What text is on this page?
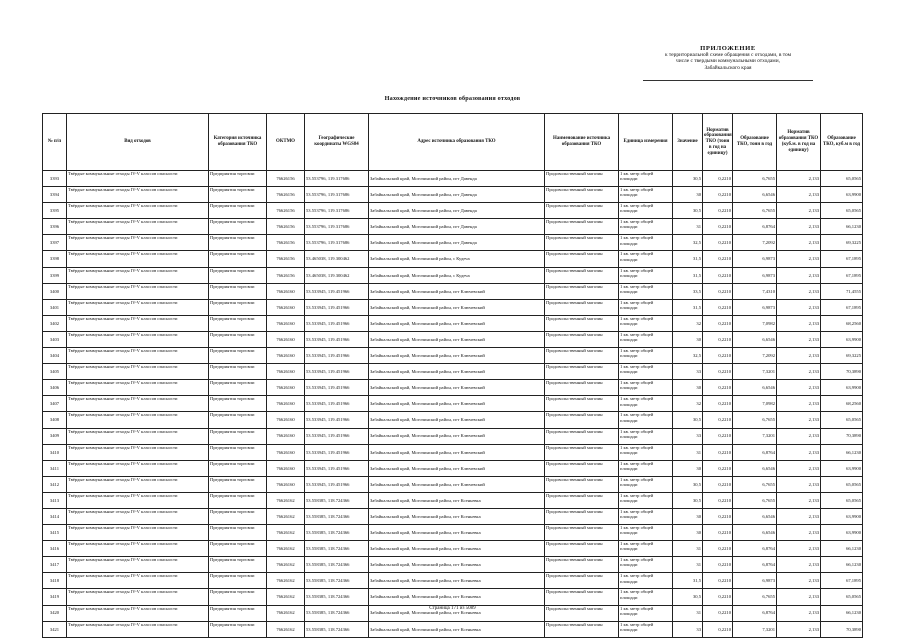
ПРИЛОЖЕНИЕ
к территориальной схеме обращения с отходами, в том
числе с твердыми коммунальными отходами,
Забайкальского края
Нахождение источников образования отходов
№ п/п	Вид отходов	Категория источника образования ТКО	ОКТМО	Географические координаты WGS84	Адрес источника образования ТКО	Наименование источника образования ТКО	Единица измерения	Значение	Норматив образования ТКО (тонн в год на единицу)	Образование ТКО, тонн в год	Норматив образования ТКО (куб.м. в год на единицу)	Образование ТКО, куб.м в год
3393	Твёрдые коммунальные отходы IV-V классов опасности	Предприятия торговли	76626156	53.553796, 119.317686	Забайкальский край, Могочинский район, пгт Давенда	Продовольственный магазин	1 кв. метр общей площади	30,5	0,2210	6,7655	2,133	65,0565
3394	Твёрдые коммунальные отходы IV-V классов опасности	Предприятия торговли	76626156	53.553796, 119.317686	Забайкальский край, Могочинский район, пгт Давенда	Продовольственный магазин	1 кв. метр общей площади	30	0,2210	6,6546	2,133	63,9900
3395	Твёрдые коммунальные отходы IV-V классов опасности	Предприятия торговли	76626156	53.553796, 119.317686	Забайкальский край, Могочинский район, пгт Давенда	Продовольственный магазин	1 кв. метр общей площади	30,5	0,2210	6,7655	2,133	65,0565
3396	Твёрдые коммунальные отходы IV-V классов опасности	Предприятия торговли	76626156	53.553796, 119.317686	Забайкальский край, Могочинский район, пгт Давенда	Продовольственный магазин	1 кв. метр общей площади	31	0,2210	6,8764	2,133	66,1230
3397	Твёрдые коммунальные отходы IV-V классов опасности	Предприятия торговли	76626156	53.553796, 119.317686	Забайкальский край, Могочинский район, пгт Давенда	Продовольственный магазин	1 кв. метр общей площади	32,5	0,2210	7,2092	2,133	69,3225
3398	Твёрдые коммунальные отходы IV-V классов опасности	Предприятия торговли	76626156	53.465038, 119.300462	Забайкальский край, Могочинский район, с Кудеча	Продовольственный магазин	1 кв. метр общей площади	31,5	0,2210	6,9873	2,133	67,1895
3399	Твёрдые коммунальные отходы IV-V классов опасности	Предприятия торговли	76626156	53.465038, 119.300462	Забайкальский край, Могочинский район, с Кудеча	Продовольственный магазин	1 кв. метр общей площади	31,5	0,2210	6,9873	2,133	67,1895
3400	Твёрдые коммунальные отходы IV-V классов опасности	Предприятия торговли	76626160	53.533945, 119.451966	Забайкальский край, Могочинский район, пгт Ключевский	Продовольственный магазин	1 кв. метр общей площади	33,5	0,2210	7,4310	2,133	71,4555
3401	Твёрдые коммунальные отходы IV-V классов опасности	Предприятия торговли	76626160	53.533945, 119.451966	Забайкальский край, Могочинский район, пгт Ключевский	Продовольственный магазин	1 кв. метр общей площади	31,5	0,2210	6,9873	2,133	67,1895
3402	Твёрдые коммунальные отходы IV-V классов опасности	Предприятия торговли	76626160	53.533945, 119.451966	Забайкальский край, Могочинский район, пгт Ключевский	Продовольственный магазин	1 кв. метр общей площади	32	0,2210	7,0982	2,133	68,2560
3403	Твёрдые коммунальные отходы IV-V классов опасности	Предприятия торговли	76626160	53.533945, 119.451966	Забайкальский край, Могочинский район, пгт Ключевский	Продовольственный магазин	1 кв. метр общей площади	30	0,2210	6,6546	2,133	63,9900
3404	Твёрдые коммунальные отходы IV-V классов опасности	Предприятия торговли	76626160	53.533945, 119.451966	Забайкальский край, Могочинский район, пгт Ключевский	Продовольственный магазин	1 кв. метр общей площади	32,5	0,2210	7,2092	2,133	69,3225
3405	Твёрдые коммунальные отходы IV-V классов опасности	Предприятия торговли	76626160	53.533945, 119.451966	Забайкальский край, Могочинский район, пгт Ключевский	Продовольственный магазин	1 кв. метр общей площади	33	0,2210	7,3201	2,133	70,3890
3406	Твёрдые коммунальные отходы IV-V классов опасности	Предприятия торговли	76626160	53.533945, 119.451966	Забайкальский край, Могочинский район, пгт Ключевский	Продовольственный магазин	1 кв. метр общей площади	30	0,2210	6,6546	2,133	63,9900
3407	Твёрдые коммунальные отходы IV-V классов опасности	Предприятия торговли	76626160	53.533945, 119.451966	Забайкальский край, Могочинский район, пгт Ключевский	Продовольственный магазин	1 кв. метр общей площади	32	0,2210	7,0982	2,133	68,2560
3408	Твёрдые коммунальные отходы IV-V классов опасности	Предприятия торговли	76626160	53.533945, 119.451966	Забайкальский край, Могочинский район, пгт Ключевский	Продовольственный магазин	1 кв. метр общей площади	30,5	0,2210	6,7655	2,133	65,0565
3409	Твёрдые коммунальные отходы IV-V классов опасности	Предприятия торговли	76626160	53.533945, 119.451966	Забайкальский край, Могочинский район, пгт Ключевский	Продовольственный магазин	1 кв. метр общей площади	33	0,2210	7,3201	2,133	70,3890
3410	Твёрдые коммунальные отходы IV-V классов опасности	Предприятия торговли	76626160	53.533945, 119.451966	Забайкальский край, Могочинский район, пгт Ключевский	Продовольственный магазин	1 кв. метр общей площади	31	0,2210	6,8764	2,133	66,1230
3411	Твёрдые коммунальные отходы IV-V классов опасности	Предприятия торговли	76626160	53.533945, 119.451966	Забайкальский край, Могочинский район, пгт Ключевский	Продовольственный магазин	1 кв. метр общей площади	30	0,2210	6,6546	2,133	63,9900
3412	Твёрдые коммунальные отходы IV-V классов опасности	Предприятия торговли	76626160	53.533945, 119.451966	Забайкальский край, Могочинский район, пгт Ключевский	Продовольственный магазин	1 кв. метр общей площади	30,5	0,2210	6,7655	2,133	65,0565
3413	Твёрдые коммунальные отходы IV-V классов опасности	Предприятия торговли	76626162	53.558385, 118.724366	Забайкальский край, Могочинский район, пгт Ксеньевка	Продовольственный магазин	1 кв. метр общей площади	30,5	0,2210	6,7655	2,133	65,0565
3414	Твёрдые коммунальные отходы IV-V классов опасности	Предприятия торговли	76626162	53.558385, 118.724366	Забайкальский край, Могочинский район, пгт Ксеньевка	Продовольственный магазин	1 кв. метр общей площади	30	0,2210	6,6546	2,133	63,9900
3415	Твёрдые коммунальные отходы IV-V классов опасности	Предприятия торговли	76626162	53.558385, 118.724366	Забайкальский край, Могочинский район, пгт Ксеньевка	Продовольственный магазин	1 кв. метр общей площади	30	0,2210	6,6546	2,133	63,9900
3416	Твёрдые коммунальные отходы IV-V классов опасности	Предприятия торговли	76626162	53.558385, 118.724366	Забайкальский край, Могочинский район, пгт Ксеньевка	Продовольственный магазин	1 кв. метр общей площади	31	0,2210	6,8764	2,133	66,1230
3417	Твёрдые коммунальные отходы IV-V классов опасности	Предприятия торговли	76626162	53.558385, 118.724366	Забайкальский край, Могочинский район, пгт Ксеньевка	Продовольственный магазин	1 кв. метр общей площади	31	0,2210	6,8764	2,133	66,1230
3418	Твёрдые коммунальные отходы IV-V классов опасности	Предприятия торговли	76626162	53.558385, 118.724366	Забайкальский край, Могочинский район, пгт Ксеньевка	Продовольственный магазин	1 кв. метр общей площади	31,5	0,2210	6,9873	2,133	67,1895
3419	Твёрдые коммунальные отходы IV-V классов опасности	Предприятия торговли	76626162	53.558385, 118.724366	Забайкальский край, Могочинский район, пгт Ксеньевка	Продовольственный магазин	1 кв. метр общей площади	30,5	0,2210	6,7655	2,133	65,0565
3420	Твёрдые коммунальные отходы IV-V классов опасности	Предприятия торговли	76626162	53.558385, 118.724366	Забайкальский край, Могочинский район, пгт Ксеньевка	Продовольственный магазин	1 кв. метр общей площади	31	0,2210	6,8764	2,133	66,1230
3421	Твёрдые коммунальные отходы IV-V классов опасности	Предприятия торговли	76626162	53.558385, 118.724366	Забайкальский край, Могочинский район, пгт Ксеньевка	Продовольственный магазин	1 кв. метр общей площади	33	0,2210	7,3201	2,133	70,3890
Страница 171 из 5089
